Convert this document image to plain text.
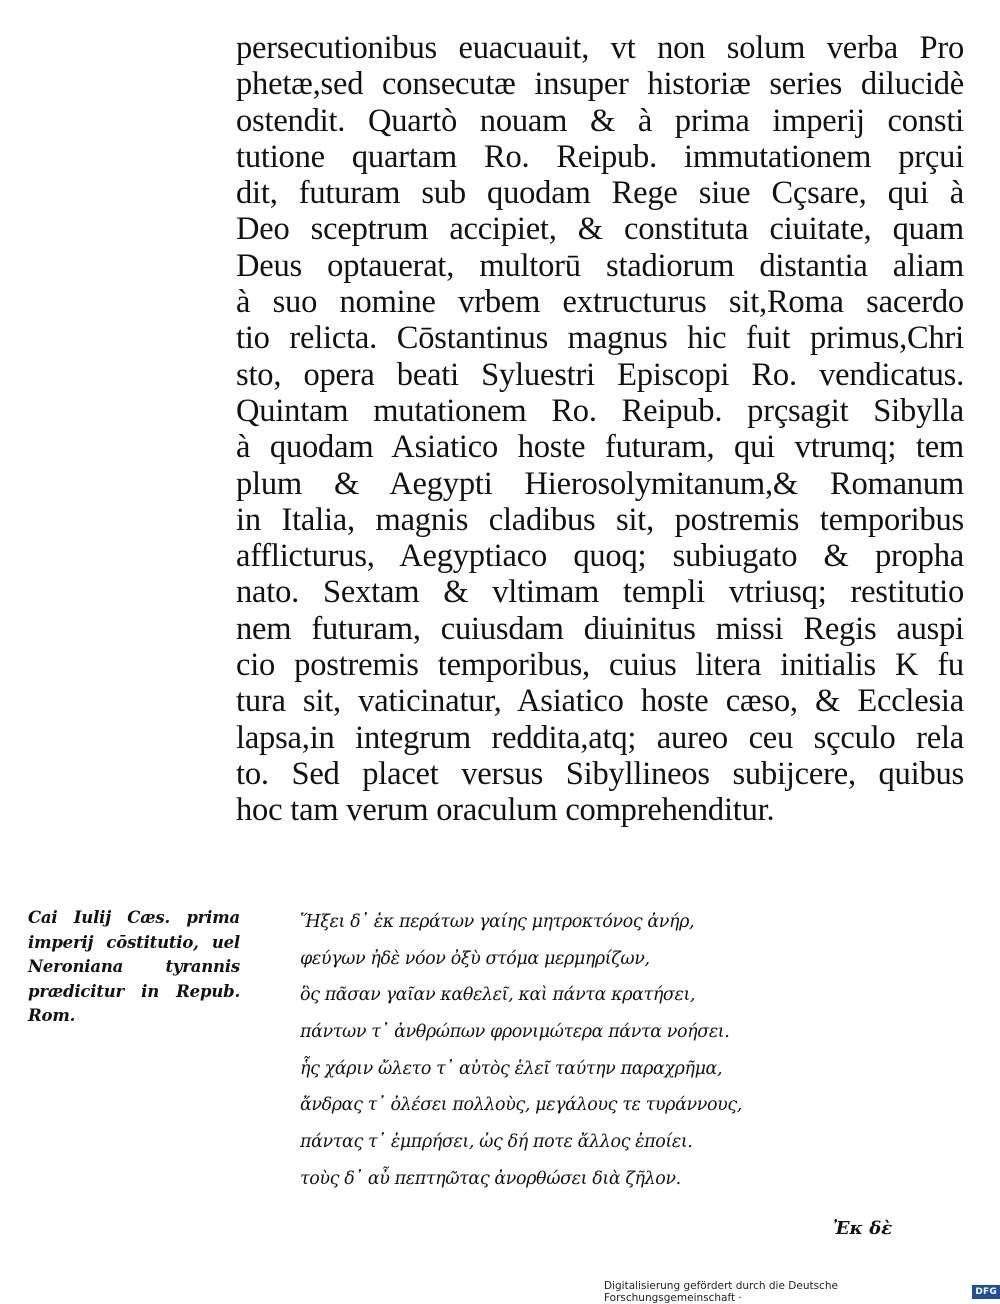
persecutionibus euacuauit, vt non solum verba Pro
phetæ,sed consecutæ insuper historiæ series dilucidè
ostendit. Quartò nouam & à prima imperij consti
tutione quartam Ro. Reipub. immutationem prçui
dit, futuram sub quodam Rege siue Cçsare, qui à
Deo sceptrum accipiet, & constituta ciuitate, quam
Deus optauerat, multorū stadiorum distantia aliam
à suo nomine vrbem extructurus sit,Roma sacerdo
tio relicta. Cōstantinus magnus hic fuit primus,Chri
sto, opera beati Syluestri Episcopi Ro. vendicatus.
Quintam mutationem Ro. Reipub. prçsagit Sibylla
à quodam Asiatico hoste futuram, qui vtrumq; tem
plum & Aegypti Hierosolymitanum,& Romanum
in Italia, magnis cladibus sit, postremis temporibus
afflicturus, Aegyptiaco quoq; subiugato & propha
nato. Sextam & vltimam templi vtriusq; restitutio
nem futuram, cuiusdam diuinitus missi Regis auspi
cio postremis temporibus, cuius litera initialis K fu
tura sit, vaticinatur, Asiatico hoste cæso, & Ecclesia
lapsa,in integrum reddita,atq; aureo ceu sçculo rela
to. Sed placet versus Sibyllineos subijcere, quibus
hoc tam verum oraculum comprehenditur.
Cai Iulij Cæs. prima
imperij cōstitutio, uel
Neroniana tyrannis
prædicitur in Repub.
Rom.
Ἥξει δ᾽ ἐκ περάτων γαίης μητροκτόνος ἀνήρ,
φεύγων ἠδὲ νόον ὀξὺ στόμα μερμηρίζων,
ὃς πᾶσαν γαῖαν καθελεῖ, καὶ πάντα κρατήσει,
πάντων τ᾽ ἀνθρώπων φρονιμώτερα πάντα νοήσει.
ἧς χάριν ὤλετο τ᾽ αὐτὸς ἑλεῖ ταύτην παραχρῆμα,
ἄνδρας τ᾽ ὀλέσει πολλοὺς, μεγάλους τε τυράννους,
πάντας τ᾽ ἐμπρήσει, ὡς δή ποτε ἄλλος ἐποίει.
τοὺς δ᾽ αὖ πεπτηῶτας ἀνορθώσει διὰ ζῆλον.
Ἐκ δὲ
Digitalisierung gefördert durch die Deutsche Forschungsgemeinschaft ·	DFG
